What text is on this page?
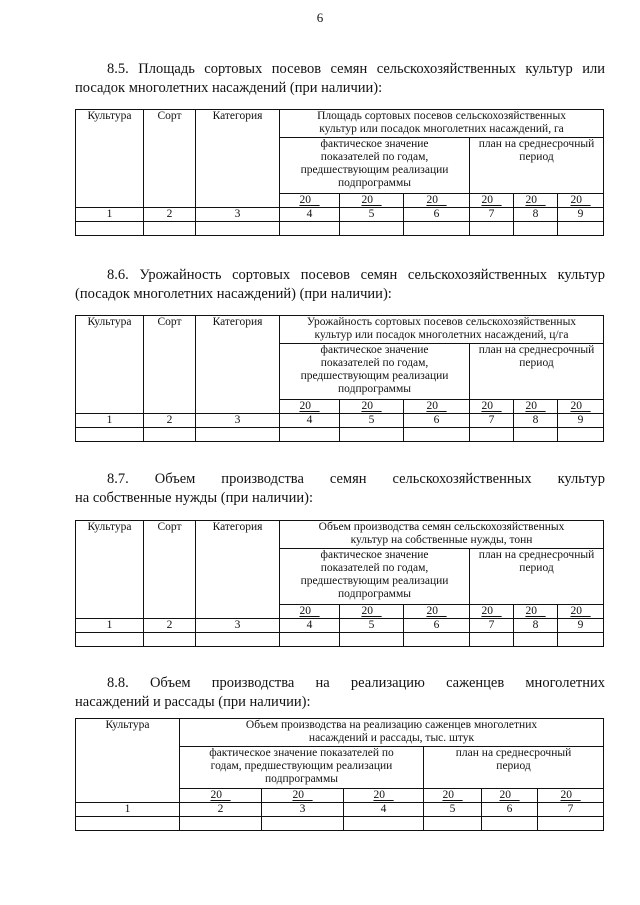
6

8.5. Площадь сортовых посевов семян сельскохозяйственных культур или
посадок многолетних насаждений (при наличии):

Культура	Сорт	Категория	Площадь сортовых посевов сельскохозяйственных культур или посадок многолетних насаждений, га					
			фактическое значение показателей по годам, предшествующим реализации подпрограммы			план на среднесрочный период		
			20	20	20	20	20	20
1	2	3	4	5	6	7	8	9

8.6. Урожайность сортовых посевов семян сельскохозяйственных культур
(посадок многолетних насаждений) (при наличии):

Культура	Сорт	Категория	Урожайность сортовых посевов сельскохозяйственных культур или посадок многолетних насаждений, ц/га					
			фактическое значение показателей по годам, предшествующим реализации подпрограммы			план на среднесрочный период		
			20	20	20	20	20	20
1	2	3	4	5	6	7	8	9

8.7. Объем производства семян сельскохозяйственных культур
на собственные нужды (при наличии):

Культура	Сорт	Категория	Объем производства семян сельскохозяйственных культур на собственные нужды, тонн					
			фактическое значение показателей по годам, предшествующим реализации подпрограммы			план на среднесрочный период		
			20	20	20	20	20	20
1	2	3	4	5	6	7	8	9

8.8. Объем производства на реализацию саженцев многолетних
насаждений и рассады (при наличии):

Культура	Объем производства на реализацию саженцев многолетних насаждений и рассады, тыс. штук					
	фактическое значение показателей по годам, предшествующим реализации подпрограммы			план на среднесрочный период		
	20	20	20	20	20	20
1	2	3	4	5	6	7
